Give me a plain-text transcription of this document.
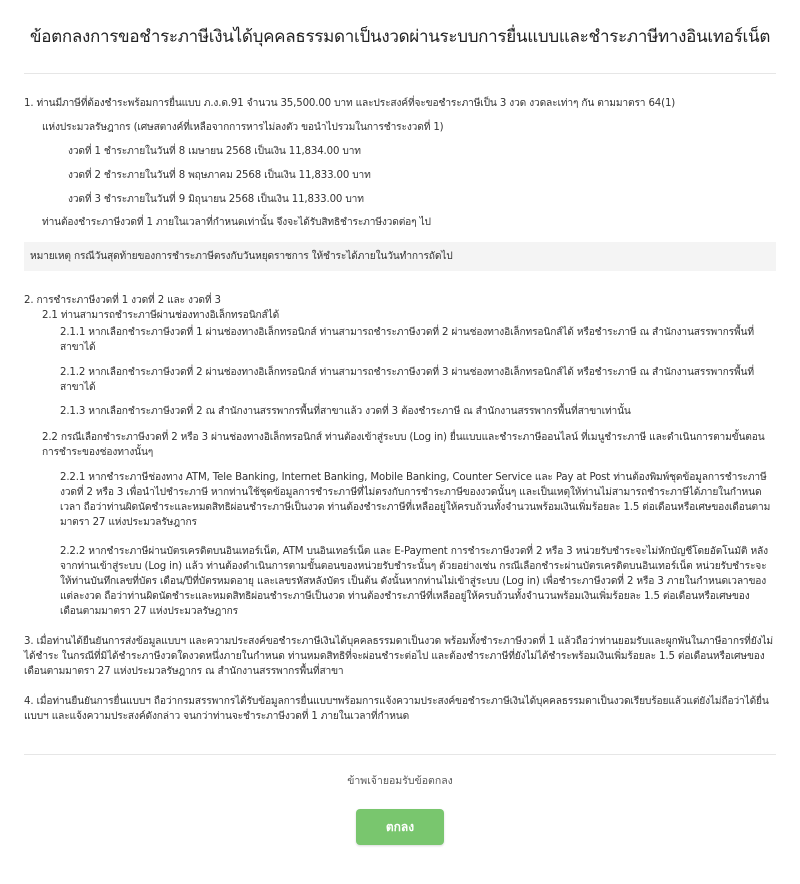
ข้อตกลงการขอชำระภาษีเงินได้บุคคลธรรมดาเป็นงวดผ่านระบบการยื่นแบบและชำระภาษีทางอินเทอร์เน็ต
1. ท่านมีภาษีที่ต้องชำระพร้อมการยื่นแบบ ภ.ง.ด.91 จำนวน 35,500.00 บาท และประสงค์ที่จะขอชำระภาษีเป็น 3 งวด งวดละเท่าๆ กัน ตามมาตรา 64(1)
แห่งประมวลรัษฎากร (เศษสตางค์ที่เหลือจากการหารไม่ลงตัว ขอนำไปรวมในการชำระงวดที่ 1)
งวดที่ 1 ชำระภายในวันที่ 8 เมษายน 2568 เป็นเงิน 11,834.00 บาท
งวดที่ 2 ชำระภายในวันที่ 8 พฤษภาคม 2568 เป็นเงิน 11,833.00 บาท
งวดที่ 3 ชำระภายในวันที่ 9 มิถุนายน 2568 เป็นเงิน 11,833.00 บาท
ท่านต้องชำระภาษีงวดที่ 1 ภายในเวลาที่กำหนดเท่านั้น จึงจะได้รับสิทธิชำระภาษีงวดต่อๆ ไป
หมายเหตุ กรณีวันสุดท้ายของการชำระภาษีตรงกับวันหยุดราชการ ให้ชำระได้ภายในวันทำการถัดไป
2. การชำระภาษีงวดที่ 1 งวดที่ 2 และ งวดที่ 3
2.1 ท่านสามารถชำระภาษีผ่านช่องทางอิเล็กทรอนิกส์ได้
2.1.1 หากเลือกชำระภาษีงวดที่ 1 ผ่านช่องทางอิเล็กทรอนิกส์ ท่านสามารถชำระภาษีงวดที่ 2 ผ่านช่องทางอิเล็กทรอนิกส์ได้ หรือชำระภาษี ณ สำนักงานสรรพากรพื้นที่สาขาได้
2.1.2 หากเลือกชำระภาษีงวดที่ 2 ผ่านช่องทางอิเล็กทรอนิกส์ ท่านสามารถชำระภาษีงวดที่ 3 ผ่านช่องทางอิเล็กทรอนิกส์ได้ หรือชำระภาษี ณ สำนักงานสรรพากรพื้นที่สาขาได้
2.1.3 หากเลือกชำระภาษีงวดที่ 2 ณ สำนักงานสรรพากรพื้นที่สาขาแล้ว งวดที่ 3 ต้องชำระภาษี ณ สำนักงานสรรพากรพื้นที่สาขาเท่านั้น
2.2 กรณีเลือกชำระภาษีงวดที่ 2 หรือ 3 ผ่านช่องทางอิเล็กทรอนิกส์ ท่านต้องเข้าสู่ระบบ (Log in) ยื่นแบบและชำระภาษีออนไลน์ ที่เมนูชำระภาษี และดำเนินการตามขั้นตอนการชำระของช่องทางนั้นๆ
2.2.1 หากชำระภาษีช่องทาง ATM, Tele Banking, Internet Banking, Mobile Banking, Counter Service และ Pay at Post ท่านต้องพิมพ์ชุดข้อมูลการชำระภาษีงวดที่ 2 หรือ 3 เพื่อนำไปชำระภาษี หากท่านใช้ชุดข้อมูลการชำระภาษีที่ไม่ตรงกับการชำระภาษีของงวดนั้นๆ และเป็นเหตุให้ท่านไม่สามารถชำระภาษีได้ภายในกำหนดเวลา ถือว่าท่านผิดนัดชำระและหมดสิทธิผ่อนชำระภาษีเป็นงวด ท่านต้องชำระภาษีที่เหลืออยู่ให้ครบถ้วนทั้งจำนวนพร้อมเงินเพิ่มร้อยละ 1.5 ต่อเดือนหรือเศษของเดือนตามมาตรา 27 แห่งประมวลรัษฎากร
2.2.2 หากชำระภาษีผ่านบัตรเครดิตบนอินเทอร์เน็ต, ATM บนอินเทอร์เน็ต และ E-Payment การชำระภาษีงวดที่ 2 หรือ 3 หน่วยรับชำระจะไม่หักบัญชีโดยอัตโนมัติ หลังจากท่านเข้าสู่ระบบ (Log in) แล้ว ท่านต้องดำเนินการตามขั้นตอนของหน่วยรับชำระนั้นๆ ด้วยอย่างเช่น กรณีเลือกชำระผ่านบัตรเครดิตบนอินเทอร์เน็ต หน่วยรับชำระจะให้ท่านบันทึกเลขที่บัตร เดือน/ปีที่บัตรหมดอายุ และเลขรหัสหลังบัตร เป็นต้น ดังนั้นหากท่านไม่เข้าสู่ระบบ (Log in) เพื่อชำระภาษีงวดที่ 2 หรือ 3 ภายในกำหนดเวลาของแต่ละงวด ถือว่าท่านผิดนัดชำระและหมดสิทธิผ่อนชำระภาษีเป็นงวด ท่านต้องชำระภาษีที่เหลืออยู่ให้ครบถ้วนทั้งจำนวนพร้อมเงินเพิ่มร้อยละ 1.5 ต่อเดือนหรือเศษของเดือนตามมาตรา 27 แห่งประมวลรัษฎากร
3. เมื่อท่านได้ยืนยันการส่งข้อมูลแบบฯ และความประสงค์ขอชำระภาษีเงินได้บุคคลธรรมดาเป็นงวด พร้อมทั้งชำระภาษีงวดที่ 1 แล้วถือว่าท่านยอมรับและผูกพันในภาษีอากรที่ยังไม่ได้ชำระ ในกรณีที่มิได้ชำระภาษีงวดใดงวดหนึ่งภายในกำหนด ท่านหมดสิทธิที่จะผ่อนชำระต่อไป และต้องชำระภาษีที่ยังไม่ได้ชำระพร้อมเงินเพิ่มร้อยละ 1.5 ต่อเดือนหรือเศษของเดือนตามมาตรา 27 แห่งประมวลรัษฎากร ณ สำนักงานสรรพากรพื้นที่สาขา
4. เมื่อท่านยืนยันการยื่นแบบฯ ถือว่ากรมสรรพากรได้รับข้อมูลการยื่นแบบฯพร้อมการแจ้งความประสงค์ขอชำระภาษีเงินได้บุคคลธรรมดาเป็นงวดเรียบร้อยแล้วแต่ยังไม่ถือว่าได้ยื่นแบบฯ และแจ้งความประสงค์ดังกล่าว จนกว่าท่านจะชำระภาษีงวดที่ 1 ภายในเวลาที่กำหนด
ข้าพเจ้ายอมรับข้อตกลง
ตกลง
